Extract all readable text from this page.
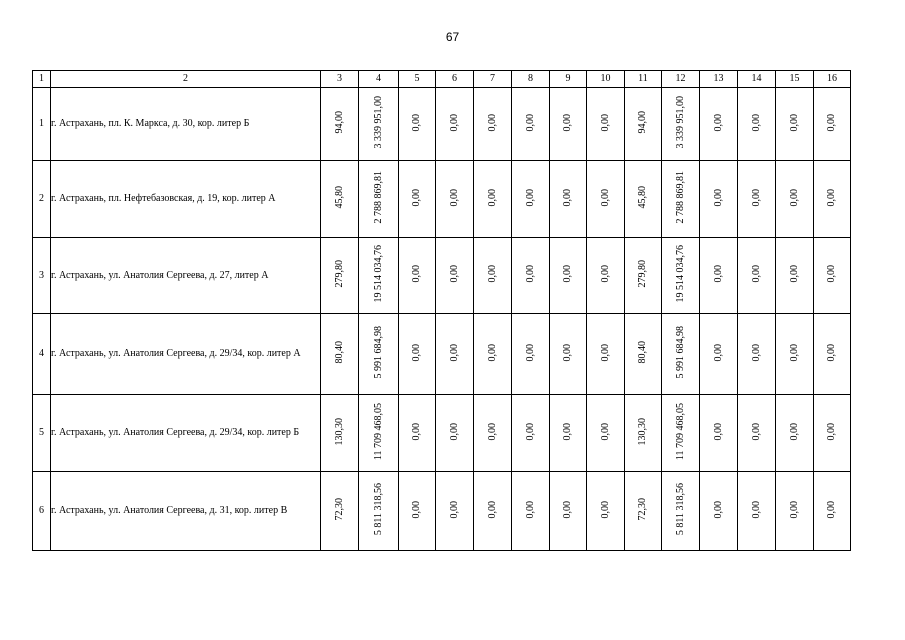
67
1	2	3	4	5	6	7	8	9	10	11	12	13	14	15	16
1	г. Астрахань, пл. К. Маркса, д. 30, кор. литер Б	94,00	3 339 951,00	0,00	0,00	0,00	0,00	0,00	0,00	94,00	3 339 951,00	0,00	0,00	0,00	0,00
2	г. Астрахань, пл. Нефтебазовская, д. 19, кор. литер А	45,80	2 788 869,81	0,00	0,00	0,00	0,00	0,00	0,00	45,80	2 788 869,81	0,00	0,00	0,00	0,00
3	г. Астрахань, ул. Анатолия Сергеева, д. 27, литер А	279,80	19 514 034,76	0,00	0,00	0,00	0,00	0,00	0,00	279,80	19 514 034,76	0,00	0,00	0,00	0,00
4	г. Астрахань, ул. Анатолия Сергеева, д. 29/34, кор. литер А	80,40	5 991 684,98	0,00	0,00	0,00	0,00	0,00	0,00	80,40	5 991 684,98	0,00	0,00	0,00	0,00
5	г. Астрахань, ул. Анатолия Сергеева, д. 29/34, кор. литер Б	130,30	11 709 468,05	0,00	0,00	0,00	0,00	0,00	0,00	130,30	11 709 468,05	0,00	0,00	0,00	0,00
6	г. Астрахань, ул. Анатолия Сергеева, д. 31, кор. литер В	72,30	5 811 318,56	0,00	0,00	0,00	0,00	0,00	0,00	72,30	5 811 318,56	0,00	0,00	0,00	0,00
